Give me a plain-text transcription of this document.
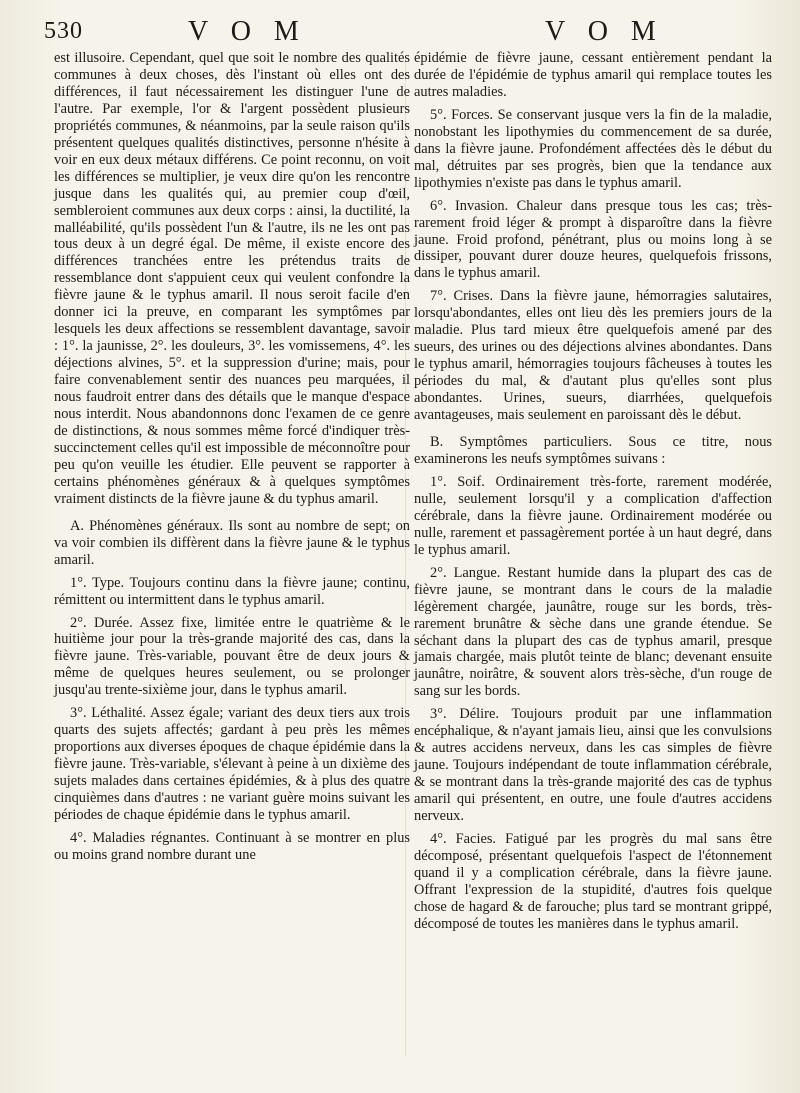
530	V O M	V O M

est illusoire. Cependant, quel que soit le nombre des qualités communes à deux choses, dès l'instant où elles ont des différences, il faut nécessairement les distinguer l'une de l'autre. Par exemple, l'or & l'argent possèdent plusieurs propriétés communes, & néanmoins, par la seule raison qu'ils présentent quelques qualités distinctives, personne n'hésite à voir en eux deux métaux différens. Ce point reconnu, on voit les différences se multiplier, je veux dire qu'on les rencontre jusque dans les qualités qui, au premier coup d'œil, sembleroient communes aux deux corps : ainsi, la ductilité, la malléabilité, qu'ils possèdent l'un & l'autre, ils ne les ont pas tous deux à un degré égal. De même, il existe encore des différences tranchées entre les prétendus traits de ressemblance dont s'appuient ceux qui veulent confondre la fièvre jaune & le typhus amaril. Il nous seroit facile d'en donner ici la preuve, en comparant les symptômes par lesquels les deux affections se ressemblent davantage, savoir : 1°. la jaunisse, 2°. les douleurs, 3°. les vomissemens, 4°. les déjections alvines, 5°. et la suppression d'urine; mais, pour faire convenablement sentir des nuances peu marquées, il nous faudroit entrer dans des détails que le manque d'espace nous interdit. Nous abandonnons donc l'examen de ce genre de distinctions, & nous sommes même forcé d'indiquer très-succinctement celles qu'il est impossible de méconnoître pour peu qu'on veuille les étudier. Elle peuvent se rapporter à certains phénomènes généraux & à quelques symptômes vraiment distincts de la fièvre jaune & du typhus amaril.

A. Phénomènes généraux. Ils sont au nombre de sept; on va voir combien ils diffèrent dans la fièvre jaune & le typhus amaril.

1°. Type. Toujours continu dans la fièvre jaune; continu, rémittent ou intermittent dans le typhus amaril.

2°. Durée. Assez fixe, limitée entre le quatrième & le huitième jour pour la très-grande majorité des cas, dans la fièvre jaune. Très-variable, pouvant être de deux jours & même de quelques heures seulement, ou se prolonger jusqu'au trente-sixième jour, dans le typhus amaril.

3°. Léthalité. Assez égale; variant des deux tiers aux trois quarts des sujets affectés; gardant à peu près les mêmes proportions aux diverses époques de chaque épidémie dans la fièvre jaune. Très-variable, s'élevant à peine à un dixième des sujets malades dans certaines épidémies, & à plus des quatre cinquièmes dans d'autres : ne variant guère moins suivant les périodes de chaque épidémie dans le typhus amaril.

4°. Maladies régnantes. Continuant à se montrer en plus ou moins grand nombre durant une

épidémie de fièvre jaune, cessant entièrement pendant la durée de l'épidémie de typhus amaril qui remplace toutes les autres maladies.

5°. Forces. Se conservant jusque vers la fin de la maladie, nonobstant les lipothymies du commencement de sa durée, dans la fièvre jaune. Profondément affectées dès le début du mal, détruites par ses progrès, bien que la tendance aux lipothymies n'existe pas dans le typhus amaril.

6°. Invasion. Chaleur dans presque tous les cas; très-rarement froid léger & prompt à disparoître dans la fièvre jaune. Froid profond, pénétrant, plus ou moins long à se dissiper, pouvant durer douze heures, quelquefois frissons, dans le typhus amaril.

7°. Crises. Dans la fièvre jaune, hémorragies salutaires, lorsqu'abondantes, elles ont lieu dès les premiers jours de la maladie. Plus tard mieux être quelquefois amené par des sueurs, des urines ou des déjections alvines abondantes. Dans le typhus amaril, hémorragies toujours fâcheuses à toutes les périodes du mal, & d'autant plus qu'elles sont plus abondantes. Urines, sueurs, diarrhées, quelquefois avantageuses, mais seulement en paroissant dès le début.

B. Symptômes particuliers. Sous ce titre, nous examinerons les neufs symptômes suivans :

1°. Soif. Ordinairement très-forte, rarement modérée, nulle, seulement lorsqu'il y a complication d'affection cérébrale, dans la fièvre jaune. Ordinairement modérée ou nulle, rarement et passagèrement portée à un haut degré, dans le typhus amaril.

2°. Langue. Restant humide dans la plupart des cas de fièvre jaune, se montrant dans le cours de la maladie légèrement chargée, jaunâtre, rouge sur les bords, très-rarement brunâtre & sèche dans une grande étendue. Se séchant dans la plupart des cas de typhus amaril, presque jamais chargée, mais plutôt teinte de blanc; devenant ensuite jaunâtre, noirâtre, & souvent alors très-sèche, d'un rouge de sang sur les bords.

3°. Délire. Toujours produit par une inflammation encéphalique, & n'ayant jamais lieu, ainsi que les convulsions & autres accidens nerveux, dans les cas simples de fièvre jaune. Toujours indépendant de toute inflammation cérébrale, & se montrant dans la très-grande majorité des cas de typhus amaril qui présentent, en outre, une foule d'autres accidens nerveux.

4°. Facies. Fatigué par les progrès du mal sans être décomposé, présentant quelquefois l'aspect de l'étonnement quand il y a complication cérébrale, dans la fièvre jaune. Offrant l'expression de la stupidité, d'autres fois quelque chose de hagard & de farouche; plus tard se montrant grippé, décomposé de toutes les manières dans le typhus amaril.
